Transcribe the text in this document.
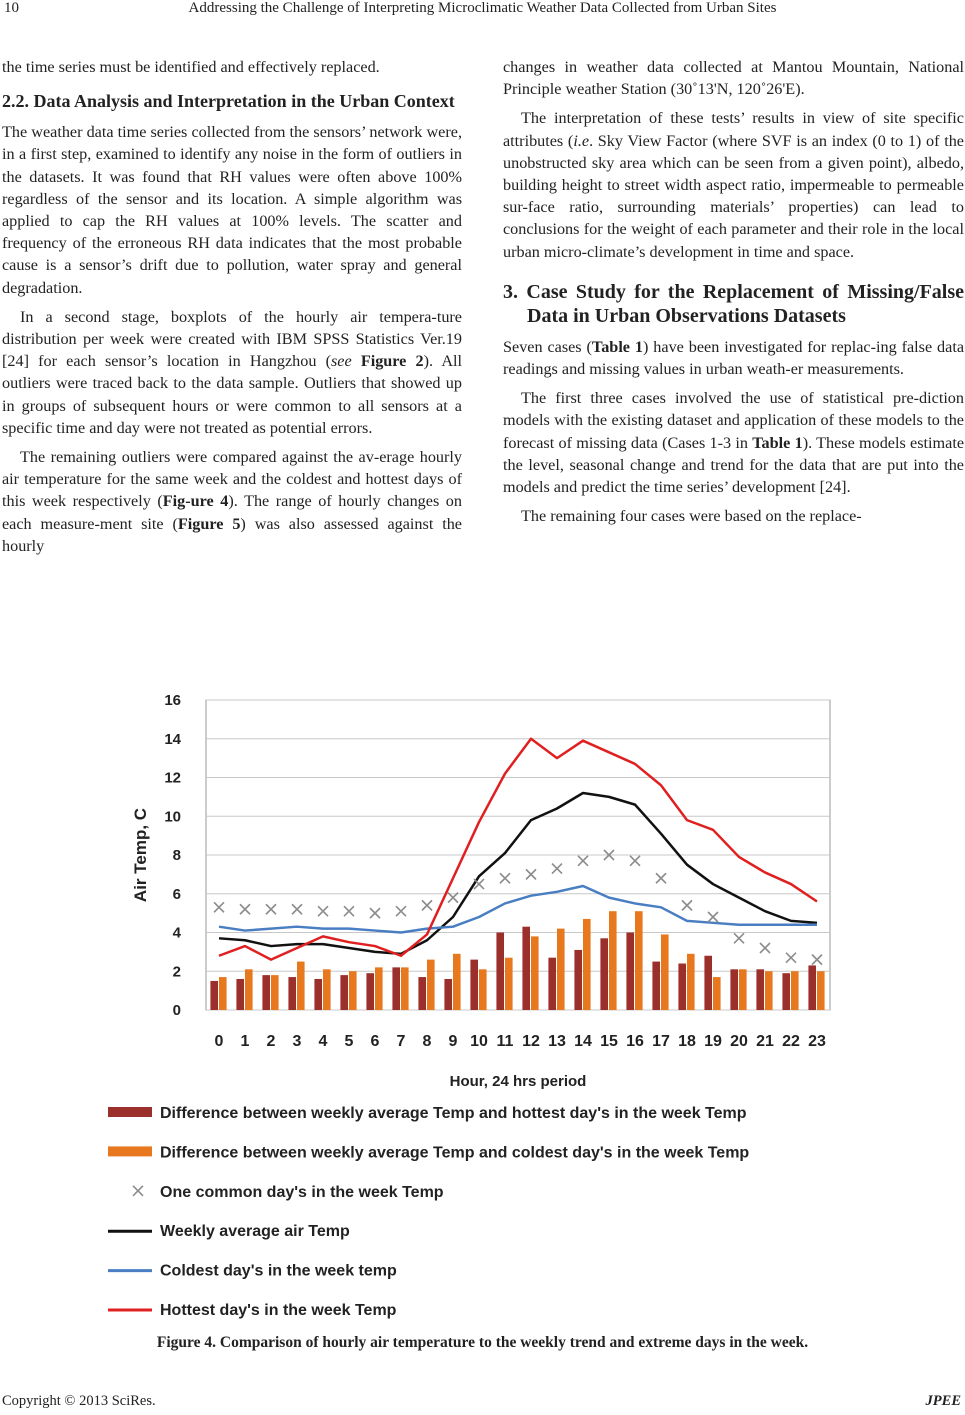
10	Addressing the Challenge of Interpreting Microclimatic Weather Data Collected from Urban Sites

the time series must be identified and effectively replaced.

2.2. Data Analysis and Interpretation in the Urban Context

The weather data time series collected from the sensors’ network were, in a first step, examined to identify any noise in the form of outliers in the datasets. It was found that RH values were often above 100% regardless of the sensor and its location. A simple algorithm was applied to cap the RH values at 100% levels. The scatter and frequency of the erroneous RH data indicates that the most probable cause is a sensor’s drift due to pollution, water spray and general degradation.

In a second stage, boxplots of the hourly air tempera-ture distribution per week were created with IBM SPSS Statistics Ver.19 [24] for each sensor’s location in Hangzhou (see Figure 2). All outliers were traced back to the data sample. Outliers that showed up in groups of subsequent hours or were common to all sensors at a specific time and day were not treated as potential errors.

The remaining outliers were compared against the av-erage hourly air temperature for the same week and the coldest and hottest days of this week respectively (Fig-ure 4). The range of hourly changes on each measure-ment site (Figure 5) was also assessed against the hourly

changes in weather data collected at Mantou Mountain, National Principle weather Station (30˚13'N, 120˚26'E).

The interpretation of these tests’ results in view of site specific attributes (i.e. Sky View Factor (where SVF is an index (0 to 1) of the unobstructed sky area which can be seen from a given point), albedo, building height to street width aspect ratio, impermeable to permeable sur-face ratio, surrounding materials’ properties) can lead to conclusions for the weight of each parameter and their role in the local urban micro-climate’s development in time and space.

3. Case Study for the Replacement of Missing/False Data in Urban Observations Datasets

Seven cases (Table 1) have been investigated for replac-ing false data readings and missing values in urban weath-er measurements.

The first three cases involved the use of statistical pre-diction models with the existing dataset and application of these models to the forecast of missing data (Cases 1-3 in Table 1). These models estimate the level, seasonal change and trend for the data that are put into the models and predict the time series’ development [24].

The remaining four cases were based on the replace-

0
2
4
6
8
10
12
14
16
0 1 2 3 4 5 6 7 8 9 10 11 12 13 14 15 16 17 18 19 20 21 22 23
Hour, 24 hrs period
Air Temp, C
Difference between weekly average Temp and hottest day's in the week Temp
Difference between weekly average Temp and coldest day's in the week Temp
One common day's in the week Temp
Weekly average air Temp
Coldest day's in the week temp
Hottest day's in the week Temp
Figure 4. Comparison of hourly air temperature to the weekly trend and extreme days in the week.
Copyright © 2013 SciRes.	JPEE
